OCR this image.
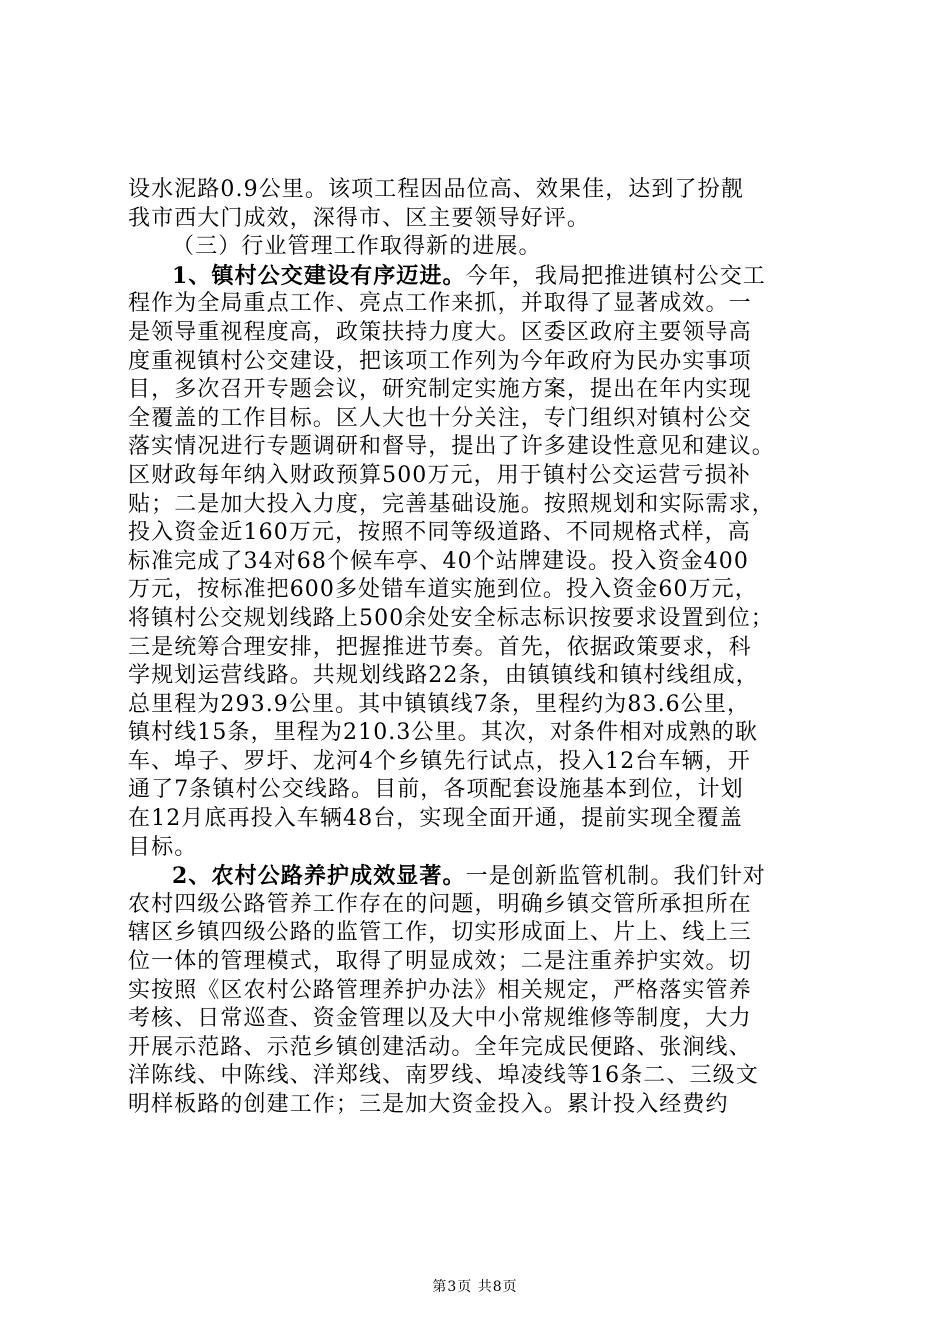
设水泥路0.9公里。该项工程因品位高、效果佳，达到了扮靓
我市西大门成效，深得市、区主要领导好评。
（三）行业管理工作取得新的进展。
1、镇村公交建设有序迈进。今年，我局把推进镇村公交工
程作为全局重点工作、亮点工作来抓，并取得了显著成效。一
是领导重视程度高，政策扶持力度大。区委区政府主要领导高
度重视镇村公交建设，把该项工作列为今年政府为民办实事项
目，多次召开专题会议，研究制定实施方案，提出在年内实现
全覆盖的工作目标。区人大也十分关注，专门组织对镇村公交
落实情况进行专题调研和督导，提出了许多建设性意见和建议。
区财政每年纳入财政预算500万元，用于镇村公交运营亏损补
贴；二是加大投入力度，完善基础设施。按照规划和实际需求，
投入资金近160万元，按照不同等级道路、不同规格式样，高
标准完成了34对68个候车亭、40个站牌建设。投入资金400
万元，按标准把600多处错车道实施到位。投入资金60万元，
将镇村公交规划线路上500余处安全标志标识按要求设置到位；
三是统筹合理安排，把握推进节奏。首先，依据政策要求，科
学规划运营线路。共规划线路22条，由镇镇线和镇村线组成，
总里程为293.9公里。其中镇镇线7条，里程约为83.6公里，
镇村线15条，里程为210.3公里。其次，对条件相对成熟的耿
车、埠子、罗圩、龙河4个乡镇先行试点，投入12台车辆，开
通了7条镇村公交线路。目前，各项配套设施基本到位，计划
在12月底再投入车辆48台，实现全面开通，提前实现全覆盖
目标。
2、农村公路养护成效显著。一是创新监管机制。我们针对
农村四级公路管养工作存在的问题，明确乡镇交管所承担所在
辖区乡镇四级公路的监管工作，切实形成面上、片上、线上三
位一体的管理模式，取得了明显成效；二是注重养护实效。切
实按照《区农村公路管理养护办法》相关规定，严格落实管养
考核、日常巡查、资金管理以及大中小常规维修等制度，大力
开展示范路、示范乡镇创建活动。全年完成民便路、张涧线、
洋陈线、中陈线、洋郑线、南罗线、埠凌线等16条二、三级文
明样板路的创建工作；三是加大资金投入。累计投入经费约
第3页 共8页
